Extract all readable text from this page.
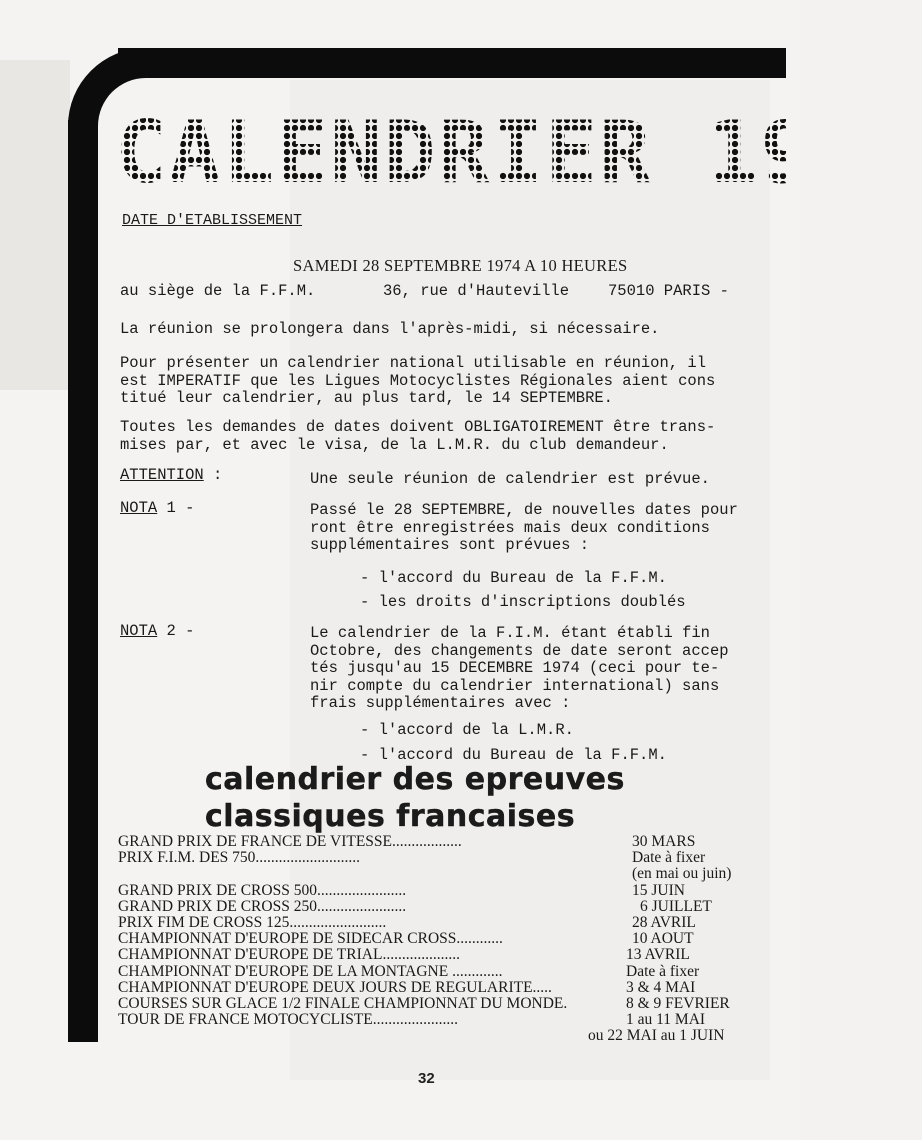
CALENDRIER 1975
DATE D'ETABLISSEMENT
SAMEDI 28 SEPTEMBRE 1974 A 10 HEURES
au siège de la F.F.M.	36, rue d'Hauteville	75010 PARIS -
La réunion se prolongera dans l'après-midi, si nécessaire.
Pour présenter un calendrier national utilisable en réunion, il
est IMPERATIF que les Ligues Motocyclistes Régionales aient cons
titué leur calendrier, au plus tard, le 14 SEPTEMBRE.
Toutes les demandes de dates doivent OBLIGATOIREMENT être trans-
mises par, et avec le visa, de la L.M.R. du club demandeur.
ATTENTION :	Une seule réunion de calendrier est prévue.
NOTA 1 -	Passé le 28 SEPTEMBRE, de nouvelles dates pour
ront être enregistrées mais deux conditions
supplémentaires sont prévues :
- l'accord du Bureau de la F.F.M.
- les droits d'inscriptions doublés
NOTA 2 -	Le calendrier de la F.I.M. étant établi fin
Octobre, des changements de date seront accep
tés jusqu'au 15 DECEMBRE 1974 (ceci pour te-
nir compte du calendrier international) sans
frais supplémentaires avec :
- l'accord de la L.M.R.
- l'accord du Bureau de la F.F.M.
calendrier des epreuves
classiques francaises
GRAND PRIX DE FRANCE DE VITESSE..................	30 MARS
PRIX F.I.M. DES 750...........................	Date à fixer
(en mai ou juin)
GRAND PRIX DE CROSS 500.......................	15 JUIN
GRAND PRIX DE CROSS 250.......................	6 JUILLET
PRIX FIM DE CROSS 125.........................	28 AVRIL
CHAMPIONNAT D'EUROPE DE SIDECAR CROSS............	10 AOUT
CHAMPIONNAT D'EUROPE DE TRIAL....................	13 AVRIL
CHAMPIONNAT D'EUROPE DE LA MONTAGNE .............	Date à fixer
CHAMPIONNAT D'EUROPE DEUX JOURS DE REGULARITE.....	3 & 4 MAI
COURSES SUR GLACE 1/2 FINALE CHAMPIONNAT DU MONDE.	8 & 9 FEVRIER
TOUR DE FRANCE MOTOCYCLISTE......................	1 au 11 MAI
ou 22 MAI au 1 JUIN
32
